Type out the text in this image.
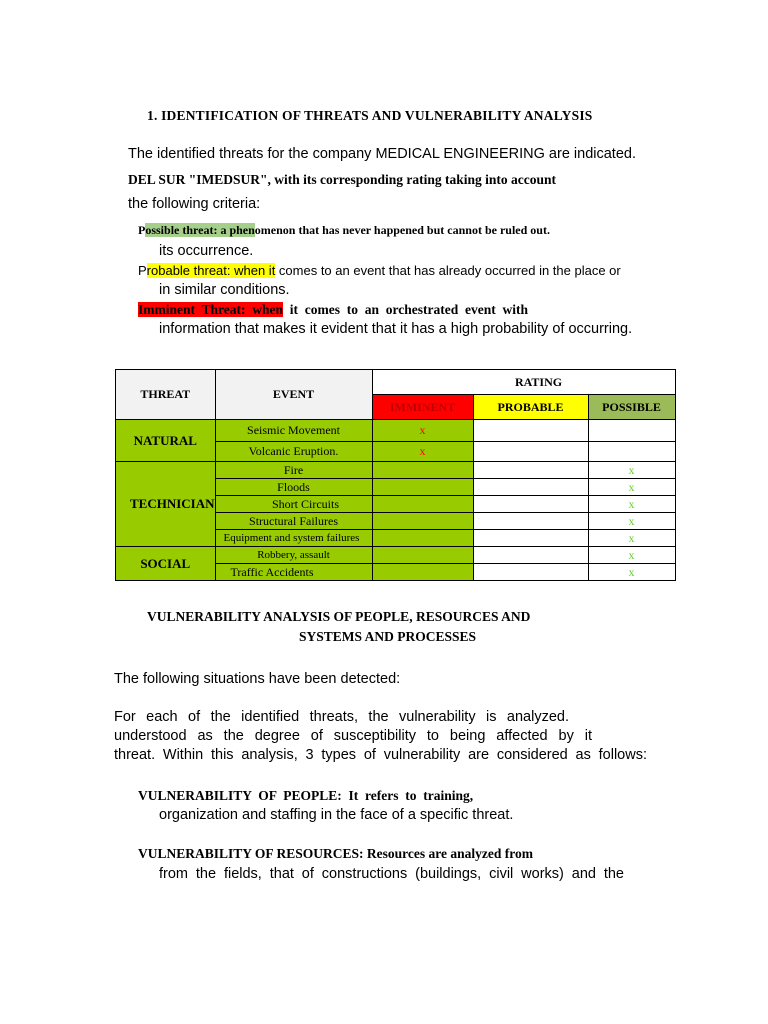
1. IDENTIFICATION OF THREATS AND VULNERABILITY ANALYSIS
The identified threats for the company MEDICAL ENGINEERING are indicated.
DEL SUR "IMEDSUR", with its corresponding rating taking into account
the following criteria:
Possible threat: a phenomenon that has never happened but cannot be ruled out.
its occurrence.
Probable threat: when it comes to an event that has already occurred in the place or
in similar conditions.
Imminent  Threat:  when  it  comes  to  an  orchestrated  event  with
information that makes it evident that it has a high probability of occurring.
THREAT	EVENT	RATING		
		IMMINENT	PROBABLE	POSSIBLE
NATURAL	Seismic Movement	x		
	Volcanic Eruption.	x		
TECHNICIAN	Fire			x
	Floods			x
	Short Circuits			x
	Structural Failures			x
	Equipment and system failures			x
SOCIAL	Robbery, assault			x
	Traffic Accidents			x
VULNERABILITY ANALYSIS OF PEOPLE, RESOURCES AND
SYSTEMS AND PROCESSES
The following situations have been detected:
For each of the identified threats, the vulnerability is analyzed.
understood as the degree of susceptibility to being affected by it
threat. Within this analysis, 3 types of vulnerability are considered as follows:
VULNERABILITY  OF  PEOPLE:  It  refers  to  training,
organization and staffing in the face of a specific threat.
VULNERABILITY OF RESOURCES: Resources are analyzed from
from the fields, that of constructions (buildings, civil works) and the
